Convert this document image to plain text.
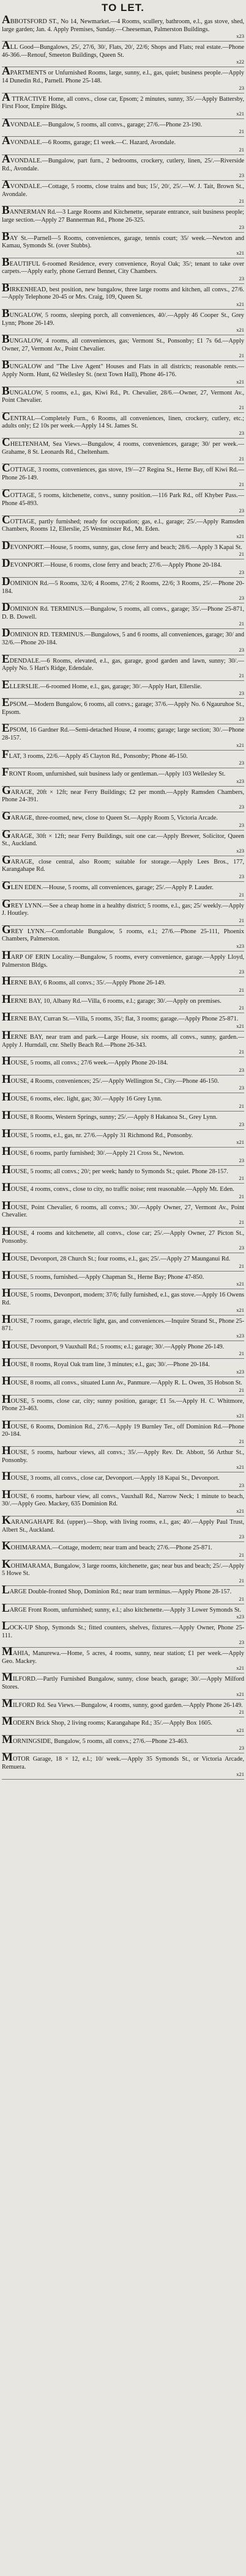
TO LET.
ABBOTSFORD ST., No 14, Newmarket.—4 Rooms, scullery, bathroom, e.l., gas stove, shed, large garden; Jan. 4. Apply Premises, Sunday.—Cheeseman, Palmerston Buildings.
x23
ALL Good—Bungalows, 25/, 27/6, 30/, Flats, 20/, 22/6; Shops and Flats; real estate.—Phone 46-366.—Renouf, Smeeton Buildings, Queen St.
x22
APARTMENTS or Unfurnished Rooms, large, sunny, e.l., gas, quiet; business people.—Apply 14 Dunedin Rd., Parnell. Phone 25-148.
23
A TTRACTIVE Home, all convs., close car, Epsom; 2 minutes, sunny, 35/.—Apply Battersby, First Floor, Empire Bldgs.
x21
AVONDALE.—Bungalow, 5 rooms, all convs., garage; 27/6.—Phone 23-190.
21
AVONDALE.—6 Rooms, garage; £1 week.—C. Hazard, Avondale.
21
AVONDALE.—Bungalow, part furn., 2 bedrooms, crockery, cutlery, linen, 25/.—Riverside Rd., Avondale.
23
AVONDALE.—Cottage, 5 rooms, close trains and bus; 15/, 20/, 25/.—W. J. Tait, Brown St., Avondale.
21
BANNERMAN Rd.—3 Large Rooms and Kitchenette, separate entrance, suit business people; large section.—Apply 27 Bannerman Rd., Phone 26-325.
23
BAY St.—Parnell—5 Rooms, conveniences, garage, tennis court; 35/ week.—Newton and Kamau, Symonds St. (over Stubbs).
x21
BEAUTIFUL 6-roomed Residence, every convenience, Royal Oak; 35/; tenant to take over carpets.—Apply early, phone Gerrard Bennet, City Chambers.
23
BIRKENHEAD, best position, new bungalow, three large rooms and kitchen, all convs., 27/6.—Apply Telephone 20-45 or Mrs. Craig, 109, Queen St.
x21
BUNGALOW, 5 rooms, sleeping porch, all conveniences, 40/.—Apply 46 Cooper St., Grey Lynn; Phone 26-149.
x21
BUNGALOW, 4 rooms, all conveniences, gas; Vermont St., Ponsonby; £1 7s 6d.—Apply Owner, 27, Vermont Av., Point Chevalier.
21
BUNGALOW and "The Live Agent" Houses and Flats in all districts; reasonable rents.—Apply Norm. Hunt, 62 Wellesley St. (next Town Hall), Phone 46-176.
x21
BUNGALOW, 5 rooms, e.l., gas, Kiwi Rd., Pt. Chevalier, 28/6.—Owner, 27, Vermont Av., Point Chevalier.
21
CENTRAL—Completely Furn., 6 Rooms, all conveniences, linen, crockery, cutlery, etc.; adults only; £2 10s per week.—Apply 14 St. James St.
23
CHELTENHAM, Sea Views.—Bungalow, 4 rooms, conveniences, garage; 30/ per week.—Grahame, 8 St. Leonards Rd., Cheltenham.
21
COTTAGE, 3 rooms, conveniences, gas stove, 19/—27 Regina St., Herne Bay, off Kiwi Rd.—Phone 26-149.
21
COTTAGE, 5 rooms, kitchenette, convs., sunny position.—116 Park Rd., off Khyber Pass.—Phone 45-893.
23
COTTAGE, partly furnished; ready for occupation; gas, e.l., garage; 25/.—Apply Ramsden Chambers, Rooms 12, Ellerslie, 25 Westminster Rd., Mt. Eden.
x21
DEVONPORT.—House, 5 rooms, sunny, gas, close ferry and beach; 28/6.—Apply 3 Kapai St.
21
DEVONPORT.—House, 6 rooms, close ferry and beach; 27/6.—Apply Phone 20-184.
23
DOMINION Rd.—5 Rooms, 32/6; 4 Rooms, 27/6; 2 Rooms, 22/6; 3 Rooms, 25/.—Phone 20-184.
23
DOMINION Rd. TERMINUS.—Bungalow, 5 rooms, all convs., garage; 35/.—Phone 25-871, D. B. Dowell.
21
DOMINION RD. TERMINUS.—Bungalows, 5 and 6 rooms, all conveniences, garage; 30/ and 32/6.—Phone 20-184.
23
EDENDALE.—6 Rooms, elevated, e.l., gas, garage, good garden and lawn, sunny; 30/.—Apply No. 5 Hart's Ridge, Edendale.
21
ELLERSLIE.—6-roomed Home, e.l., gas, garage; 30/.—Apply Hart, Ellerslie.
23
EPSOM.—Modern Bungalow, 6 rooms, all convs.; garage; 37/6.—Apply No. 6 Ngauruhoe St., Epsom.
23
EPSOM, 16 Gardner Rd.—Semi-detached House, 4 rooms; garage; large section; 30/.—Phone 28-157.
x21
FLAT, 3 rooms, 22/6.—Apply 45 Clayton Rd., Ponsonby; Phone 46-150.
23
FRONT Room, unfurnished, suit business lady or gentleman.—Apply 103 Wellesley St.
x23
GARAGE, 20ft × 12ft; near Ferry Buildings; £2 per month.—Apply Ramsden Chambers, Phone 24-391.
23
GARAGE, three-roomed, new, close to Queen St.—Apply Room 5, Victoria Arcade.
23
GARAGE, 30ft × 12ft; near Ferry Buildings, suit one car.—Apply Brewer, Solicitor, Queen St., Auckland.
x23
GARAGE, close central, also Room; suitable for storage.—Apply Lees Bros., 177, Karangahape Rd.
23
GLEN EDEN.—House, 5 rooms, all conveniences, garage; 25/.—Apply P. Lauder.
21
GREY LYNN.—See a cheap home in a healthy district; 5 rooms, e.l., gas; 25/ weekly.—Apply J. Houtley.
21
GREY LYNN.—Comfortable Bungalow, 5 rooms, e.l.; 27/6.—Phone 25-111, Phoenix Chambers, Palmerston.
x23
HARP OF ERIN Locality.—Bungalow, 5 rooms, every convenience, garage.—Apply Lloyd, Palmerston Bldgs.
23
HERNE BAY, 6 Rooms, all convs.; 35/.—Apply Phone 26-149.
21
HERNE BAY, 10, Albany Rd.—Villa, 6 rooms, e.l.; garage; 30/.—Apply on premises.
21
HERNE BAY, Curran St.—Villa, 5 rooms, 35/; flat, 3 rooms; garage.—Apply Phone 25-871.
x21
HERNE BAY, near tram and park.—Large House, six rooms, all convs., sunny, garden.—Apply J. Hurndall, cnr. Shelly Beach Rd.—Phone 26-343.
21
HOUSE, 5 rooms, all convs.; 27/6 week.—Apply Phone 20-184.
23
HOUSE, 4 Rooms, conveniences; 25/.—Apply Wellington St., City.—Phone 46-150.
23
HOUSE, 6 rooms, elec. light, gas; 30/.—Apply 16 Grey Lynn.
21
HOUSE, 8 Rooms, Western Springs, sunny; 25/.—Apply 8 Hakanoa St., Grey Lynn.
23
HOUSE, 5 rooms, e.l., gas, nr. 27/6.—Apply 31 Richmond Rd., Ponsonby.
x21
HOUSE, 6 rooms, partly furnished; 30/.—Apply 21 Cross St., Newton.
23
HOUSE, 5 rooms; all convs.; 20/; per week; handy to Symonds St.; quiet. Phone 28-157.
21
HOUSE, 4 rooms, convs., close to city, no traffic noise; rent reasonable.—Apply Mt. Eden.
21
HOUSE, Point Chevalier, 6 rooms, all convs.; 30/.—Apply Owner, 27, Vermont Av., Point Chevalier.
21
HOUSE, 4 rooms and kitchenette, all convs., close car; 25/.—Apply Owner, 27 Picton St., Ponsonby.
23
HOUSE, Devonport, 28 Church St.; four rooms, e.l., gas; 25/.—Apply 27 Maunganui Rd.
21
HOUSE, 5 rooms, furnished.—Apply Chapman St., Herne Bay; Phone 47-850.
x21
HOUSE, 5 rooms, Devonport, modern; 37/6; fully furnished, e.l., gas stove.—Apply 16 Owens Rd.
x21
HOUSE, 7 rooms, garage, electric light, gas, and conveniences.—Inquire Strand St., Phone 25-871.
x23
HOUSE, Devonport, 9 Vauxhall Rd.; 5 rooms; e.l.; garage; 30/.—Apply Phone 26-149.
21
HOUSE, 8 rooms, Royal Oak tram line, 3 minutes; e.l., gas; 30/.—Phone 20-184.
x23
HOUSE, 8 rooms, all convs., situated Lunn Av., Panmure.—Apply R. L. Owen, 35 Hobson St.
21
HOUSE, 5 rooms, close car, city; sunny position, garage; £1 5s.—Apply H. C. Whitmore, Phone 23-463.
x21
HOUSE, 6 Rooms, Dominion Rd., 27/6.—Apply 19 Burnley Ter., off Dominion Rd.—Phone 20-184.
21
HOUSE, 5 rooms, harbour views, all convs.; 35/.—Apply Rev. Dr. Abbott, 56 Arthur St., Ponsonby.
x21
HOUSE, 3 rooms, all convs., close car, Devonport.—Apply 18 Kapai St., Devonport.
23
HOUSE, 6 rooms, harbour view, all convs., Vauxhall Rd., Narrow Neck; 1 minute to beach, 30/.—Apply Geo. Mackey, 635 Dominion Rd.
x21
KARANGAHAPE Rd. (upper).—Shop, with living rooms, e.l., gas; 40/.—Apply Paul Trust, Albert St., Auckland.
23
KOHIMARAMA.—Cottage, modern; near tram and beach; 27/6.—Phone 25-871.
21
KOHIMARAMA, Bungalow, 3 large rooms, kitchenette, gas; near bus and beach; 25/.—Apply 5 Howe St.
21
LARGE Double-fronted Shop, Dominion Rd.; near tram terminus.—Apply Phone 28-157.
21
LARGE Front Room, unfurnished; sunny, e.l.; also kitchenette.—Apply 3 Lower Symonds St.
x23
LOCK-UP Shop, Symonds St.; fitted counters, shelves, fixtures.—Apply Owner, Phone 25-111.
23
MAHIA, Manurewa.—Home, 5 acres, 4 rooms, sunny, near station; £1 per week.—Apply Geo. Mackey.
x21
MILFORD.—Partly Furnished Bungalow, sunny, close beach, garage; 30/.—Apply Milford Stores.
x21
MILFORD Rd. Sea Views.—Bungalow, 4 rooms, sunny, good garden.—Apply Phone 26-149.
21
MODERN Brick Shop, 2 living rooms; Karangahape Rd.; 35/.—Apply Box 1605.
x21
MORNINGSIDE, Bungalow, 5 rooms, all convs.; 27/6.—Phone 23-463.
23
MOTOR Garage, 18 × 12, e.l.; 10/ week.—Apply 35 Symonds St., or Victoria Arcade, Remuera.
x21
